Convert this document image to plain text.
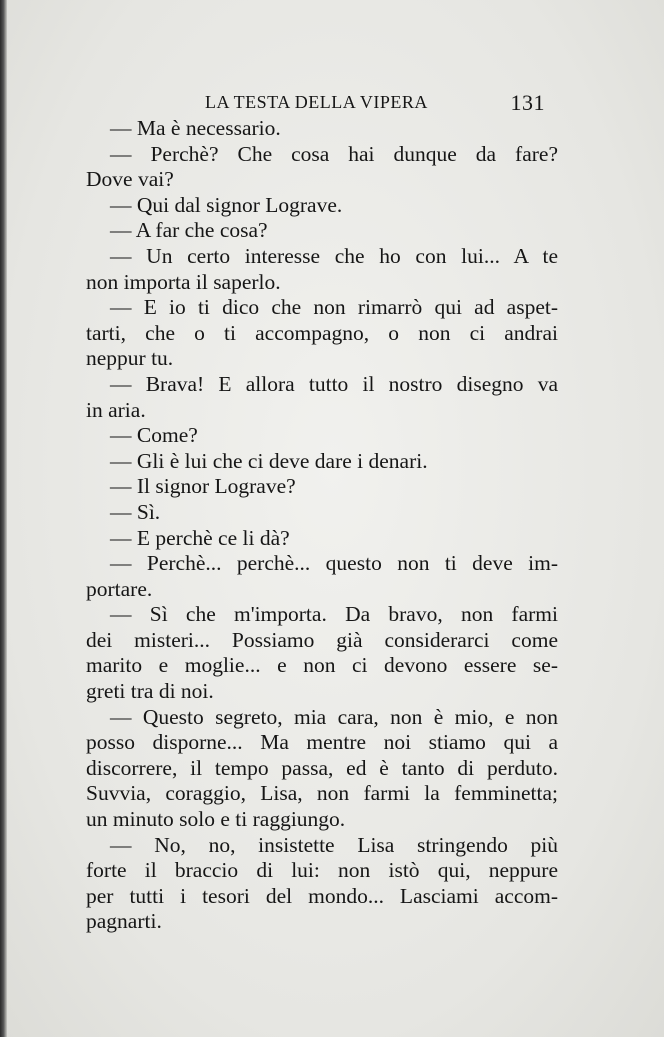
LA TESTA DELLA VIPERA	131
— Ma è necessario.
— Perchè? Che cosa hai dunque da fare?
Dove vai?
— Qui dal signor Lograve.
— A far che cosa?
— Un certo interesse che ho con lui... A te
non importa il saperlo.
— E io ti dico che non rimarrò qui ad aspet-
tarti, che o ti accompagno, o non ci andrai
neppur tu.
— Brava! E allora tutto il nostro disegno va
in aria.
— Come?
— Gli è lui che ci deve dare i denari.
— Il signor Lograve?
— Sì.
— E perchè ce li dà?
— Perchè... perchè... questo non ti deve im-
portare.
— Sì che m'importa. Da bravo, non farmi
dei misteri... Possiamo già considerarci come
marito e moglie... e non ci devono essere se-
greti tra di noi.
— Questo segreto, mia cara, non è mio, e non
posso disporne... Ma mentre noi stiamo qui a
discorrere, il tempo passa, ed è tanto di perduto.
Suvvia, coraggio, Lisa, non farmi la femminetta;
un minuto solo e ti raggiungo.
— No, no, insistette Lisa stringendo più
forte il braccio di lui: non istò qui, neppure
per tutti i tesori del mondo... Lasciami accom-
pagnarti.
